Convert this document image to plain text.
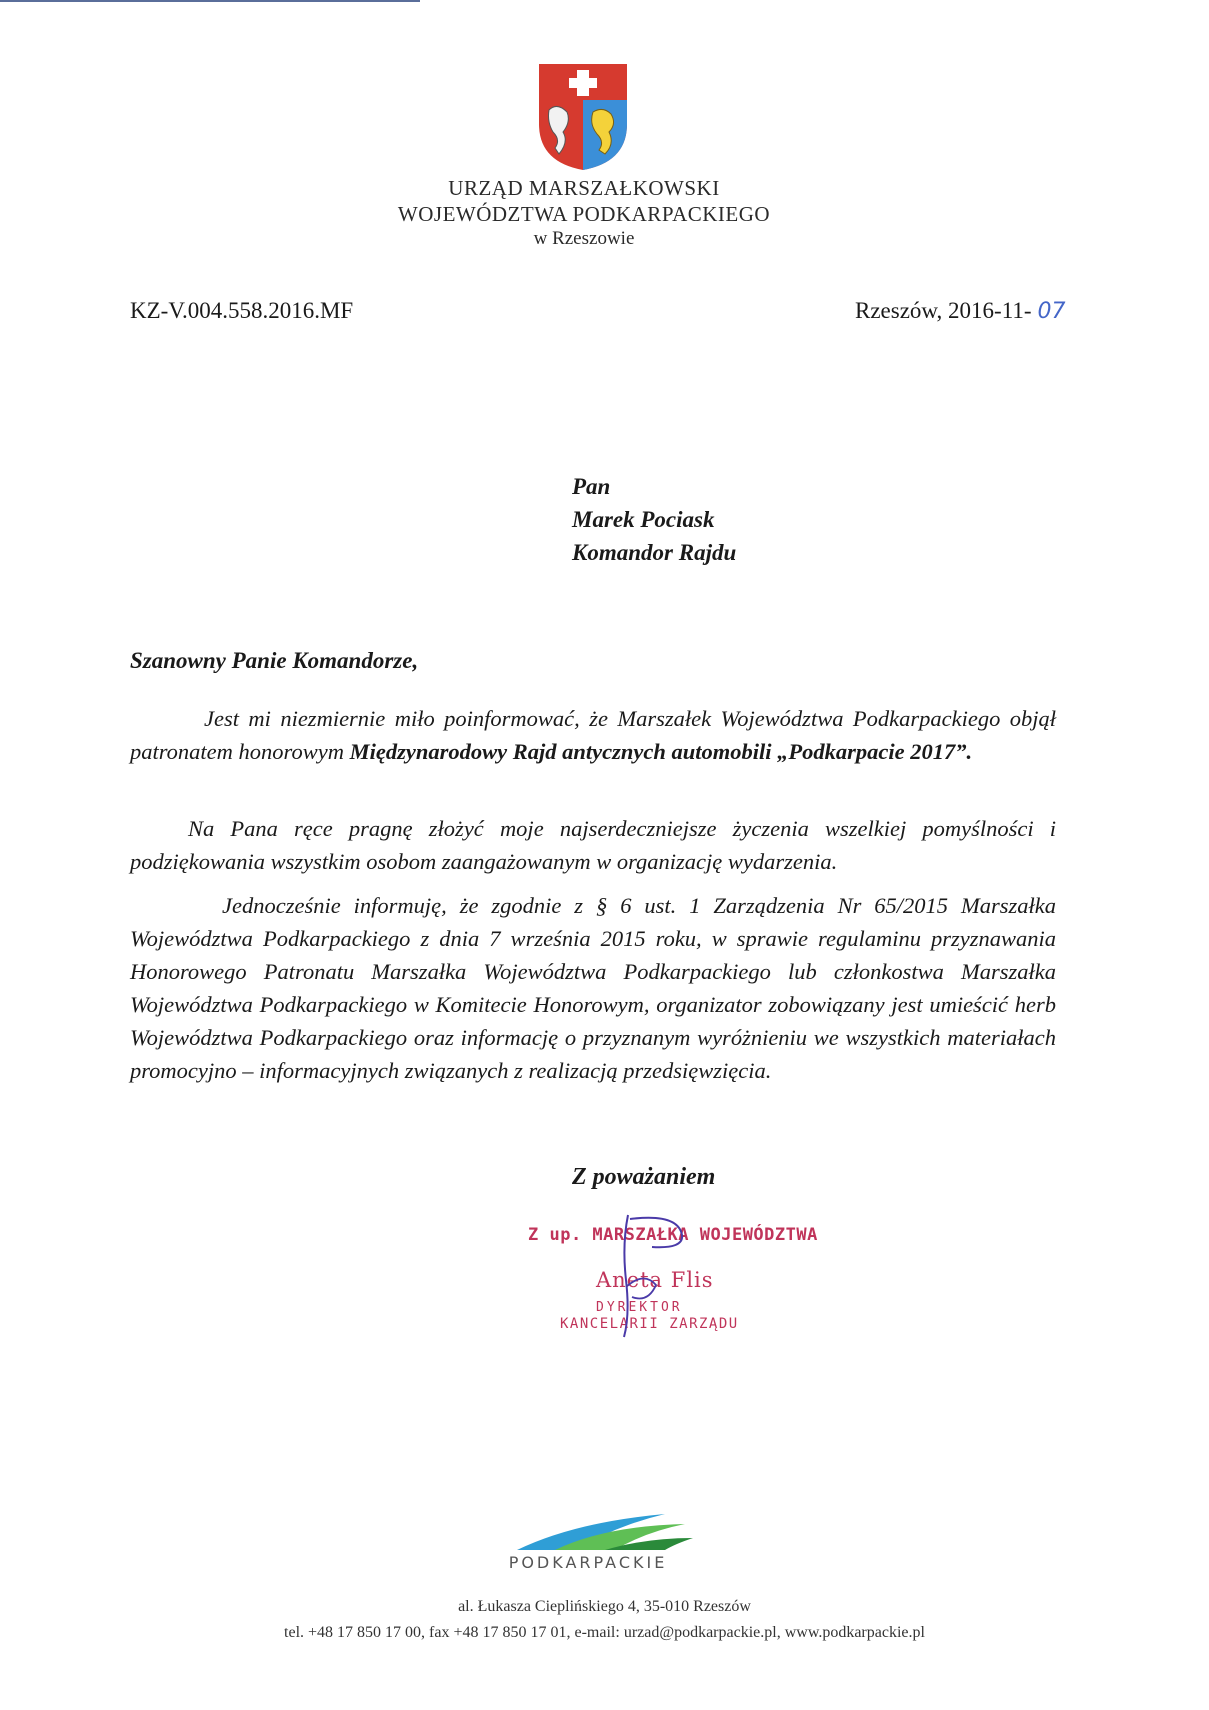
URZĄD MARSZAŁKOWSKI
WOJEWÓDZTWA PODKARPACKIEGO
w Rzeszowie
KZ-V.004.558.2016.MF	Rzeszów, 2016-11- 07
Pan
Marek Pociask
Komandor Rajdu
Szanowny Panie Komandorze,

Jest mi niezmiernie miło poinformować, że Marszałek Województwa Podkarpackiego objął patronatem honorowym Międzynarodowy Rajd antycznych automobili „Podkarpacie 2017”.

Na Pana ręce pragnę złożyć moje najserdeczniejsze życzenia wszelkiej pomyślności i podziękowania wszystkim osobom zaangażowanym w organizację wydarzenia.

Jednocześnie informuję, że zgodnie z § 6 ust. 1 Zarządzenia Nr 65/2015 Marszałka Województwa Podkarpackiego z dnia 7 września 2015 roku, w sprawie regulaminu przyznawania Honorowego Patronatu Marszałka Województwa Podkarpackiego lub członkostwa Marszałka Województwa Podkarpackiego w Komitecie Honorowym, organizator zobowiązany jest umieścić herb Województwa Podkarpackiego oraz informację o przyznanym wyróżnieniu we wszystkich materiałach promocyjno – informacyjnych związanych z realizacją przedsięwzięcia.

Z poważaniem
Z up. MARSZAŁKA WOJEWÓDZTWA
Aneta Flis
DYREKTOR
KANCELARII ZARZĄDU
PODKARPACKIE
al. Łukasza Cieplińskiego 4, 35-010 Rzeszów
tel. +48 17 850 17 00, fax +48 17 850 17 01, e-mail: urzad@podkarpackie.pl, www.podkarpackie.pl
